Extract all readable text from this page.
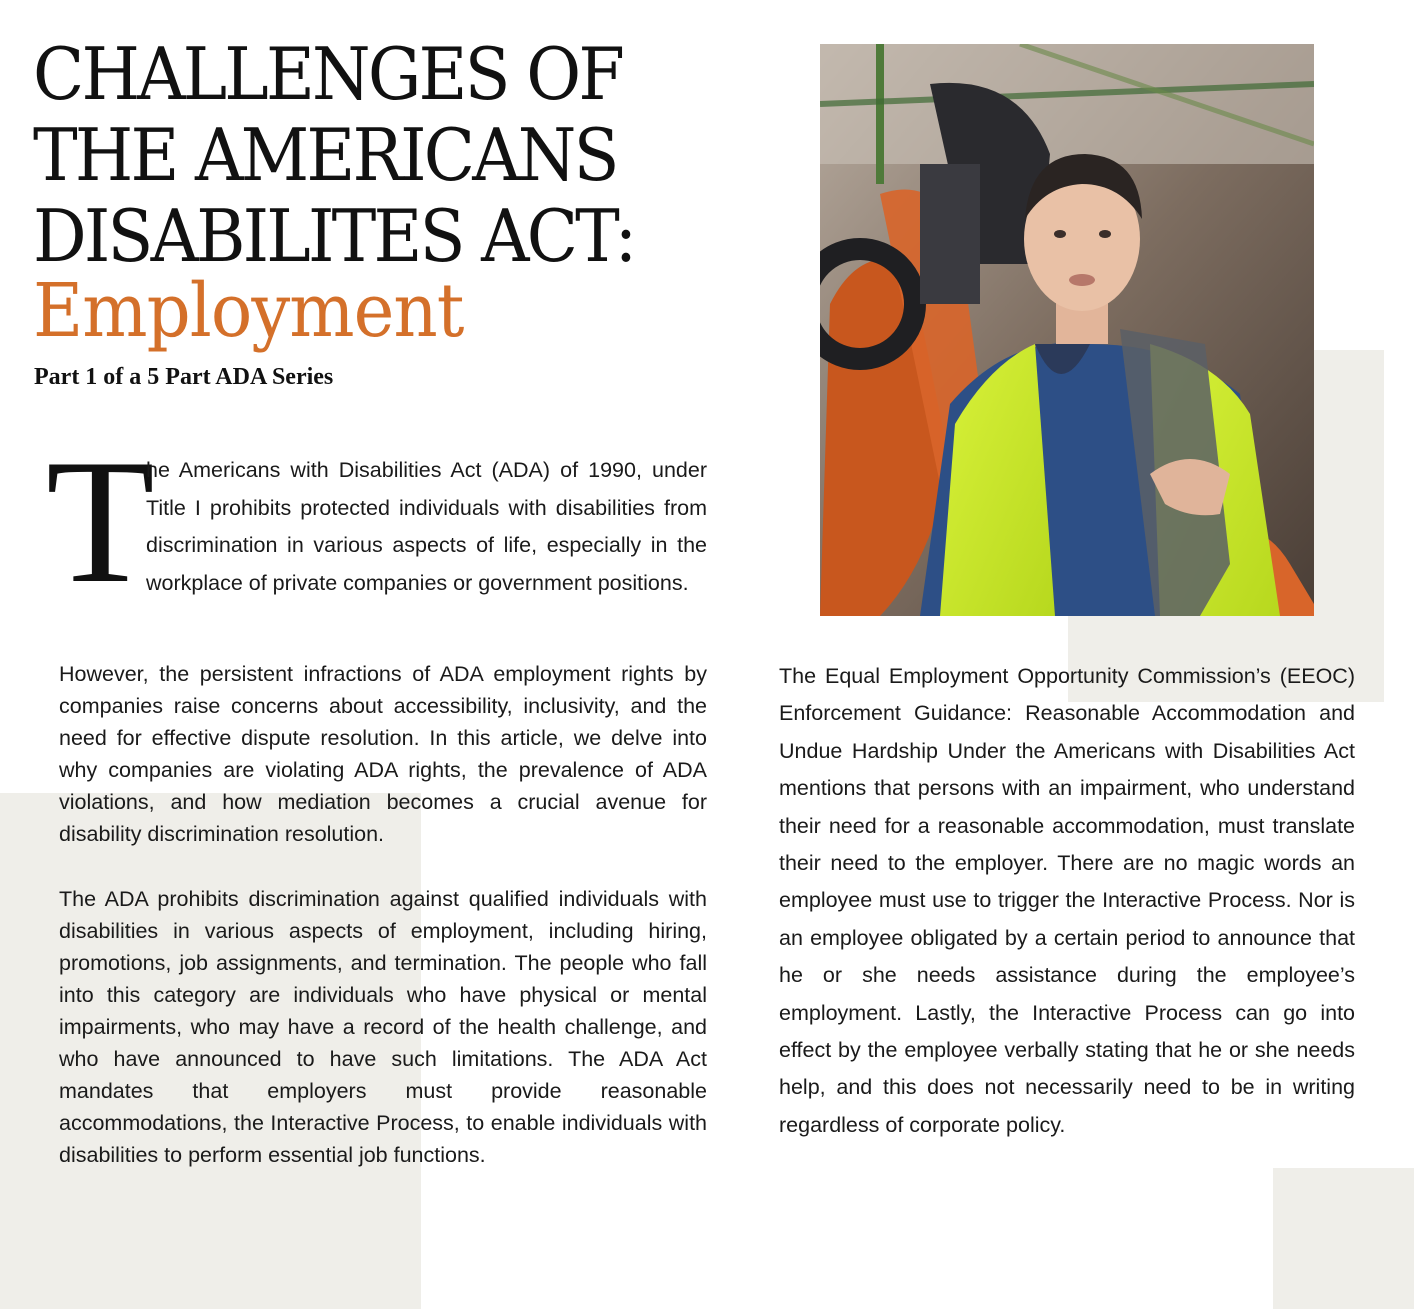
CHALLENGES OF
THE AMERICANS
DISABILITES ACT:
Employment

Part 1 of a 5 Part ADA Series

T

he Americans with Disabilities Act (ADA) of 1990, under Title I prohibits protected individuals with disabilities from discrimination in various aspects of life, especially in the workplace of private companies or government positions.

However, the persistent infractions of ADA employment rights by companies raise concerns about accessibility, inclusivity, and the need for effective dispute resolution. In this article, we delve into why companies are violating ADA rights, the prevalence of ADA violations, and how mediation becomes a crucial avenue for disability discrimination resolution.

The ADA prohibits discrimination against qualified individuals with disabilities in various aspects of employment, including hiring, promotions, job assignments, and termination. The people who fall into this category are individuals who have physical or mental impairments, who may have a record of the health challenge, and who have announced to have such limitations. The ADA Act mandates that employers must provide reasonable accommodations, the Interactive Process, to enable individuals with disabilities to perform essential job functions.

The Equal Employment Opportunity Commission’s (EEOC) Enforcement Guidance: Reasonable Accommodation and Undue Hardship Under the Americans with Disabilities Act mentions that persons with an impairment, who understand their need for a reasonable accommodation, must translate their need to the employer. There are no magic words an employee must use to trigger the Interactive Process. Nor is an employee obligated by a certain period to announce that he or she needs assistance during the employee’s employment. Lastly, the Interactive Process can go into effect by the employee verbally stating that he or she needs help, and this does not necessarily need to be in writing regardless of corporate policy.
